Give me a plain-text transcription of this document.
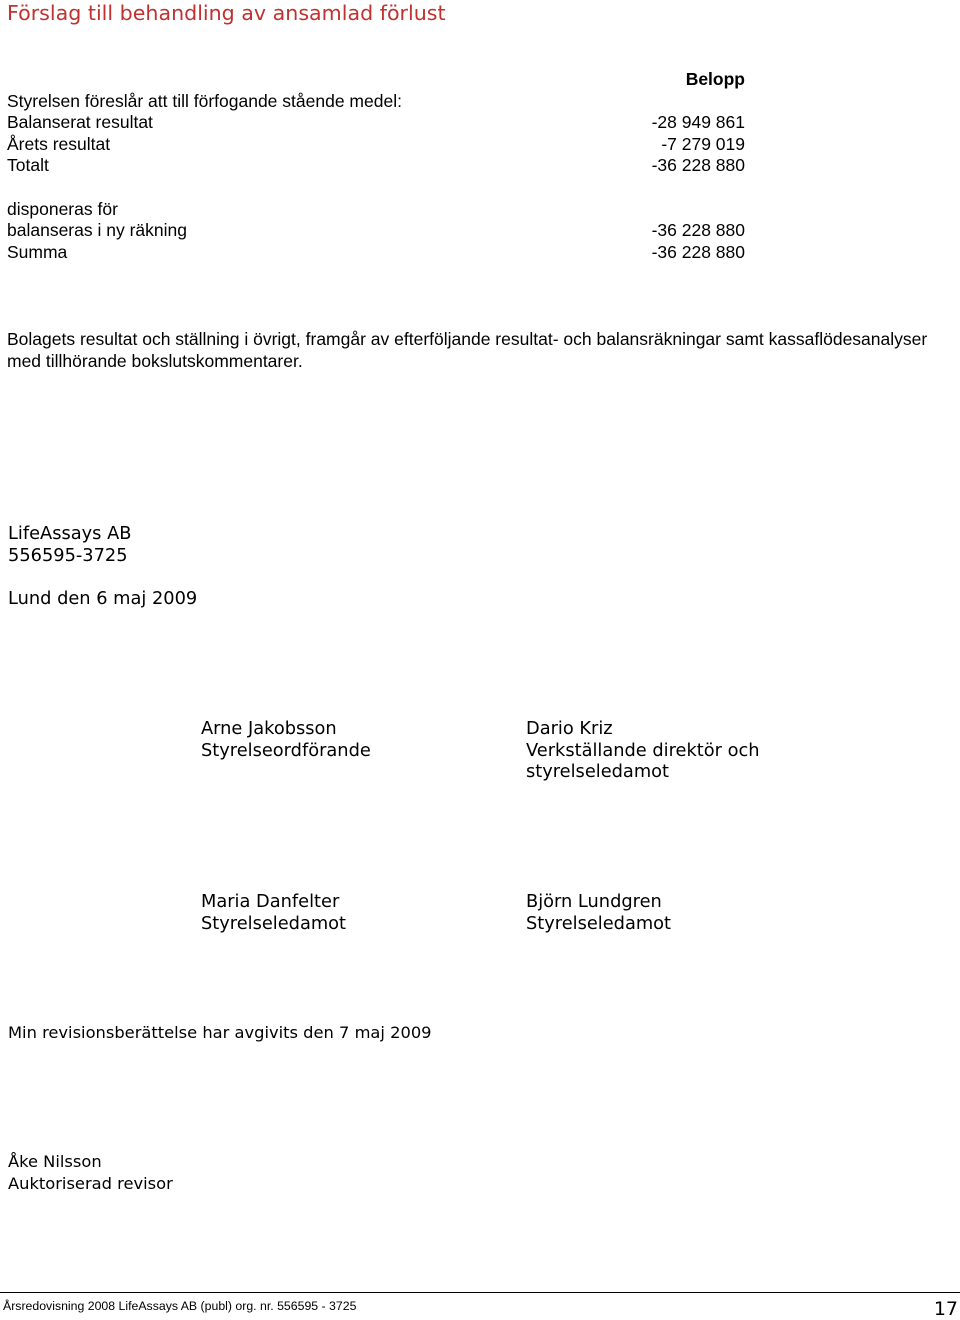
Förslag till behandling av ansamlad förlust
Belopp
Styrelsen föreslår att till förfogande stående medel:
Balanserat resultat	-28 949 861
Årets resultat	-7 279 019
Totalt	-36 228 880
disponeras för
balanseras i ny räkning	-36 228 880
Summa	-36 228 880
Bolagets resultat och ställning i övrigt, framgår av efterföljande resultat- och balansräkningar samt kassaflödesanalyser med tillhörande bokslutskommentarer.
LifeAssays AB
556595-3725
Lund den 6 maj 2009
Arne Jakobsson
Styrelseordförande
Dario Kriz
Verkställande direktör och styrelseledamot
Maria Danfelter
Styrelseledamot
Björn Lundgren
Styrelseledamot
Min revisionsberättelse har avgivits den 7 maj 2009
Åke Nilsson
Auktoriserad revisor
Årsredovisning 2008 LifeAssays AB (publ) org. nr. 556595 - 3725	17
